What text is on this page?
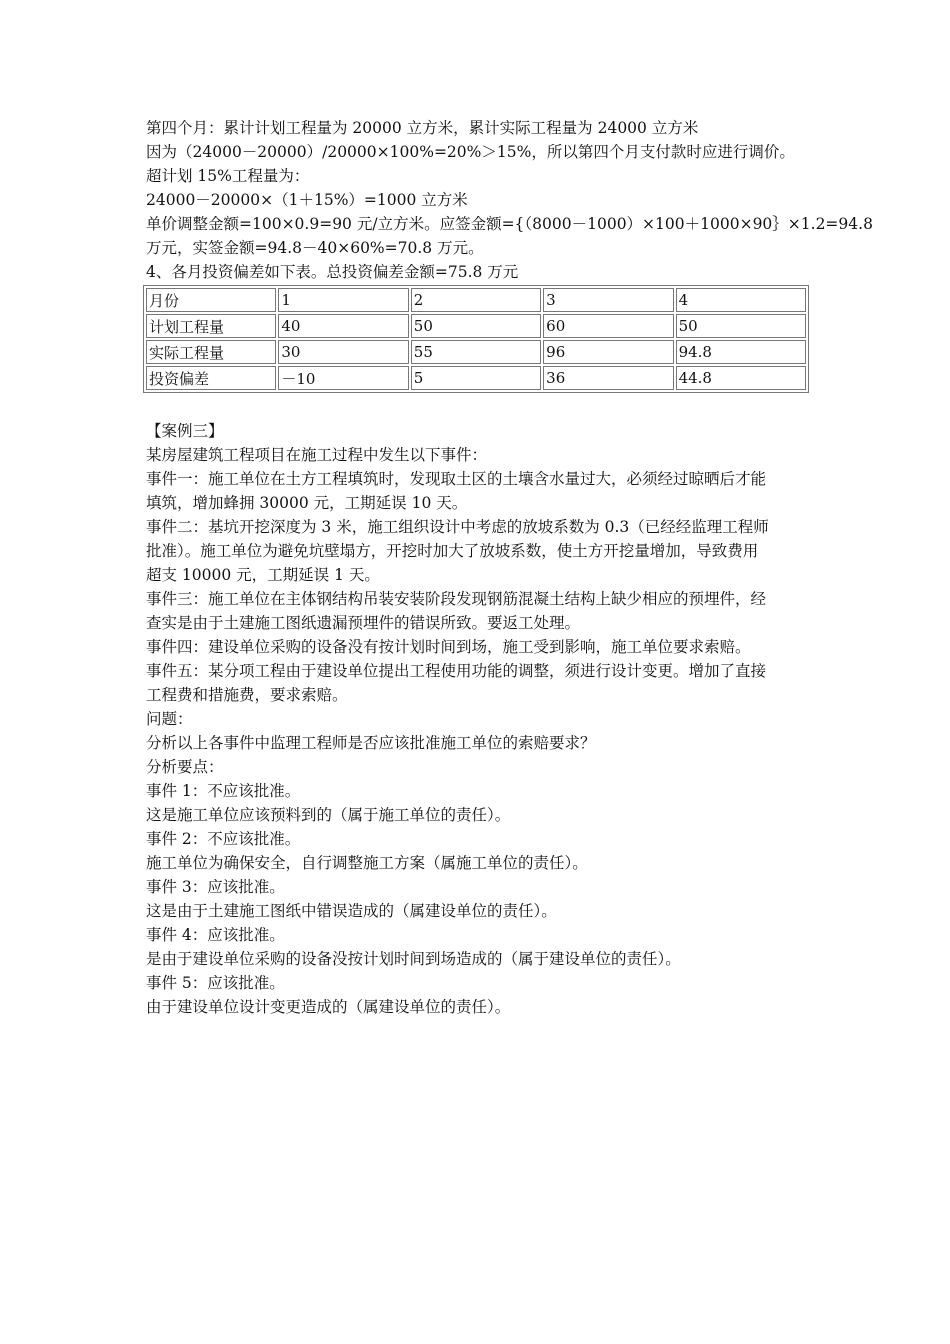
第四个月：累计计划工程量为 20000 立方米，累计实际工程量为 24000 立方米
因为（24000－20000）/20000×100%=20%＞15%，所以第四个月支付款时应进行调价。
超计划 15%工程量为：
24000－20000×（1＋15%）=1000 立方米
单价调整金额=100×0.9=90 元/立方米。应签金额={（8000－1000）×100＋1000×90｝×1.2=94.8
万元，实签金额=94.8－40×60%=70.8 万元。
4、各月投资偏差如下表。总投资偏差金额=75.8 万元
月份	1	2	3	4
计划工程量	40	50	60	50
实际工程量	30	55	96	94.8
投资偏差	－10	5	36	44.8
【案例三】
某房屋建筑工程项目在施工过程中发生以下事件：
事件一：施工单位在土方工程填筑时，发现取土区的土壤含水量过大，必须经过晾晒后才能
填筑，增加蜂拥 30000 元，工期延误 10 天。
事件二：基坑开挖深度为 3 米，施工组织设计中考虑的放坡系数为 0.3（已经经监理工程师
批准）。施工单位为避免坑壁塌方，开挖时加大了放坡系数，使土方开挖量增加，导致费用
超支 10000 元，工期延误 1 天。
事件三：施工单位在主体钢结构吊装安装阶段发现钢筋混凝土结构上缺少相应的预埋件，经
查实是由于土建施工图纸遗漏预埋件的错误所致。要返工处理。
事件四：建设单位采购的设备没有按计划时间到场，施工受到影响，施工单位要求索赔。
事件五：某分项工程由于建设单位提出工程使用功能的调整，须进行设计变更。增加了直接
工程费和措施费，要求索赔。
问题：
分析以上各事件中监理工程师是否应该批准施工单位的索赔要求？
分析要点：
事件 1：不应该批准。
这是施工单位应该预料到的（属于施工单位的责任）。
事件 2：不应该批准。
施工单位为确保安全，自行调整施工方案（属施工单位的责任）。
事件 3：应该批准。
这是由于土建施工图纸中错误造成的（属建设单位的责任）。
事件 4：应该批准。
是由于建设单位采购的设备没按计划时间到场造成的（属于建设单位的责任）。
事件 5：应该批准。
由于建设单位设计变更造成的（属建设单位的责任）。
